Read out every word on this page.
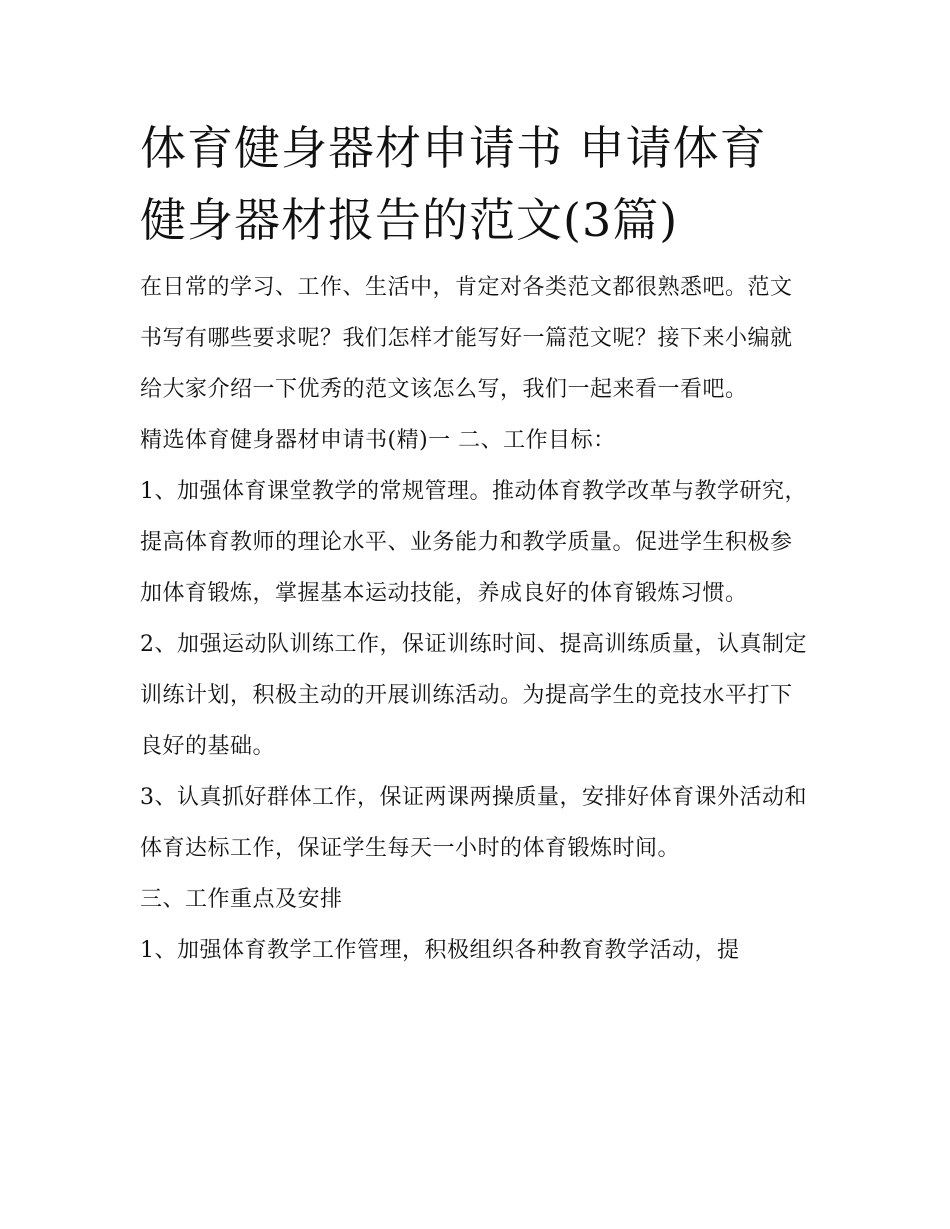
体育健身器材申请书 申请体育健身器材报告的范文(3篇)

在日常的学习、工作、生活中，肯定对各类范文都很熟悉吧。范文书写有哪些要求呢？我们怎样才能写好一篇范文呢？接下来小编就给大家介绍一下优秀的范文该怎么写，我们一起来看一看吧。

精选体育健身器材申请书(精)一 二、工作目标：

1、加强体育课堂教学的常规管理。推动体育教学改革与教学研究，提高体育教师的理论水平、业务能力和教学质量。促进学生积极参加体育锻炼，掌握基本运动技能，养成良好的体育锻炼习惯。

2、加强运动队训练工作，保证训练时间、提高训练质量，认真制定训练计划，积极主动的开展训练活动。为提高学生的竞技水平打下良好的基础。

3、认真抓好群体工作，保证两课两操质量，安排好体育课外活动和体育达标工作，保证学生每天一小时的体育锻炼时间。

三、工作重点及安排

1、加强体育教学工作管理，积极组织各种教育教学活动，提
